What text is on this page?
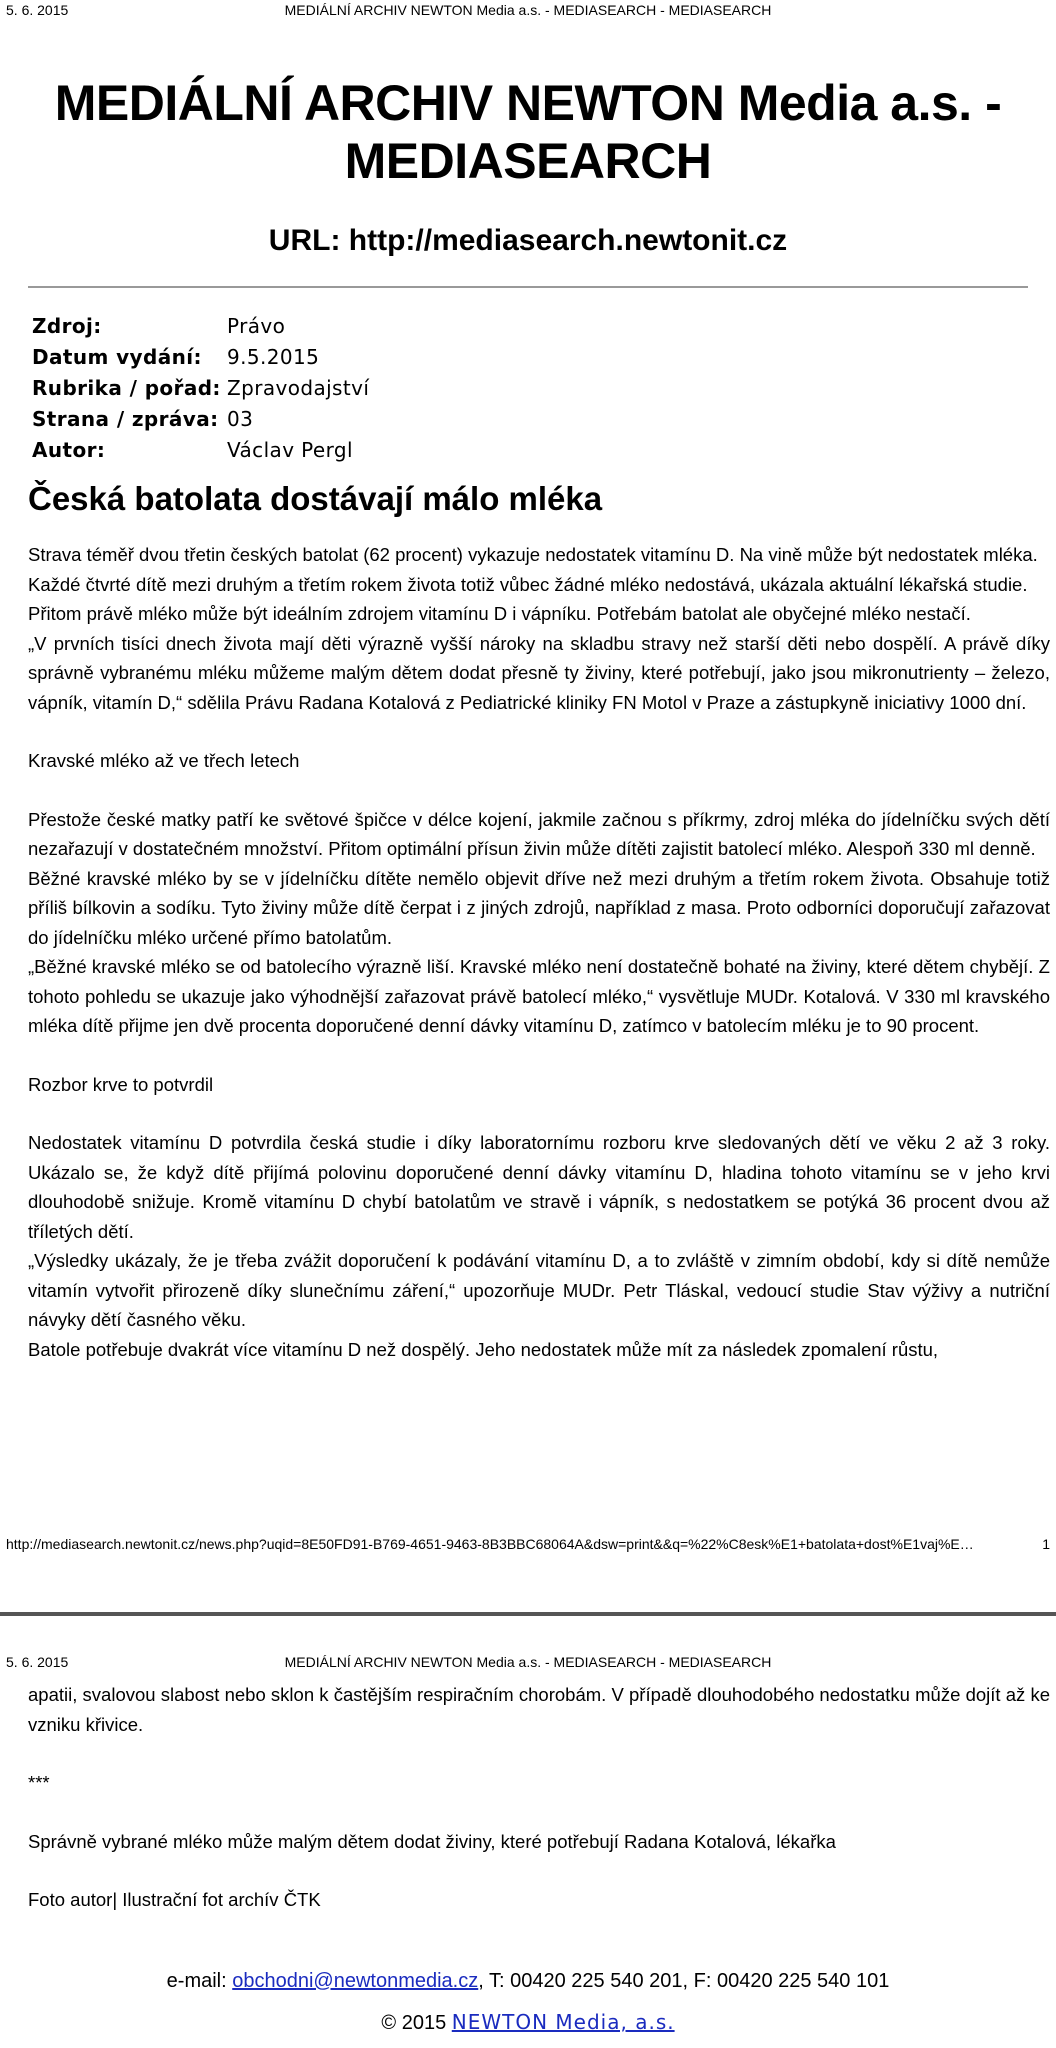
5. 6. 2015	MEDIÁLNÍ ARCHIV NEWTON Media a.s. - MEDIASEARCH - MEDIASEARCH
MEDIÁLNÍ ARCHIV NEWTON Media a.s. -
MEDIASEARCH
URL: http://mediasearch.newtonit.cz
Zdroj:	Právo
Datum vydání:	9.5.2015
Rubrika / pořad:	Zpravodajství
Strana / zpráva:	03
Autor:	Václav Pergl
Česká batolata dostávají málo mléka

Strava téměř dvou třetin českých batolat (62 procent) vykazuje nedostatek vitamínu D. Na vině může být nedostatek mléka.

Každé čtvrté dítě mezi druhým a třetím rokem života totiž vůbec žádné mléko nedostává, ukázala aktuální lékařská studie.

Přitom právě mléko může být ideálním zdrojem vitamínu D i vápníku. Potřebám batolat ale obyčejné mléko nestačí.

„V prvních tisíci dnech života mají děti výrazně vyšší nároky na skladbu stravy než starší děti nebo dospělí. A právě díky správně vybranému mléku můžeme malým dětem dodat přesně ty živiny, které potřebují, jako jsou mikronutrienty – železo, vápník, vitamín D,“ sdělila Právu Radana Kotalová z Pediatrické kliniky FN Motol v Praze a zástupkyně iniciativy 1000 dní.

Kravské mléko až ve třech letech

Přestože české matky patří ke světové špičce v délce kojení, jakmile začnou s příkrmy, zdroj mléka do jídelníčku svých dětí nezařazují v dostatečném množství. Přitom optimální přísun živin může dítěti zajistit batolecí mléko. Alespoň 330 ml denně.

Běžné kravské mléko by se v jídelníčku dítěte nemělo objevit dříve než mezi druhým a třetím rokem života. Obsahuje totiž příliš bílkovin a sodíku. Tyto živiny může dítě čerpat i z jiných zdrojů, například z masa. Proto odborníci doporučují zařazovat do jídelníčku mléko určené přímo batolatům.

„Běžné kravské mléko se od batolecího výrazně liší. Kravské mléko není dostatečně bohaté na živiny, které dětem chybějí. Z tohoto pohledu se ukazuje jako výhodnější zařazovat právě batolecí mléko,“ vysvětluje MUDr. Kotalová. V 330 ml kravského mléka dítě přijme jen dvě procenta doporučené denní dávky vitamínu D, zatímco v batolecím mléku je to 90 procent.

Rozbor krve to potvrdil

Nedostatek vitamínu D potvrdila česká studie i díky laboratornímu rozboru krve sledovaných dětí ve věku 2 až 3 roky. Ukázalo se, že když dítě přijímá polovinu doporučené denní dávky vitamínu D, hladina tohoto vitamínu se v jeho krvi dlouhodobě snižuje. Kromě vitamínu D chybí batolatům ve stravě i vápník, s nedostatkem se potýká 36 procent dvou až tříletých dětí.

„Výsledky ukázaly, že je třeba zvážit doporučení k podávání vitamínu D, a to zvláště v zimním období, kdy si dítě nemůže vitamín vytvořit přirozeně díky slunečnímu záření,“ upozorňuje MUDr. Petr Tláskal, vedoucí studie Stav výživy a nutriční návyky dětí časného věku.

Batole potřebuje dvakrát více vitamínu D než dospělý. Jeho nedostatek může mít za následek zpomalení růstu,

http://mediasearch.newtonit.cz/news.php?uqid=8E50FD91-B769-4651-9463-8B3BBC68064A&dsw=print&&q=%22%C8esk%E1+batolata+dost%E1vaj%E…	1
5. 6. 2015	MEDIÁLNÍ ARCHIV NEWTON Media a.s. - MEDIASEARCH - MEDIASEARCH

apatii, svalovou slabost nebo sklon k častějším respiračním chorobám. V případě dlouhodobého nedostatku může dojít až ke vzniku křivice.

***

Správně vybrané mléko může malým dětem dodat živiny, které potřebují Radana Kotalová, lékařka

Foto autor| Ilustrační fot archív ČTK

e-mail: obchodni@newtonmedia.cz, T: 00420 225 540 201, F: 00420 225 540 101
© 2015 NEWTON Media, a.s.
